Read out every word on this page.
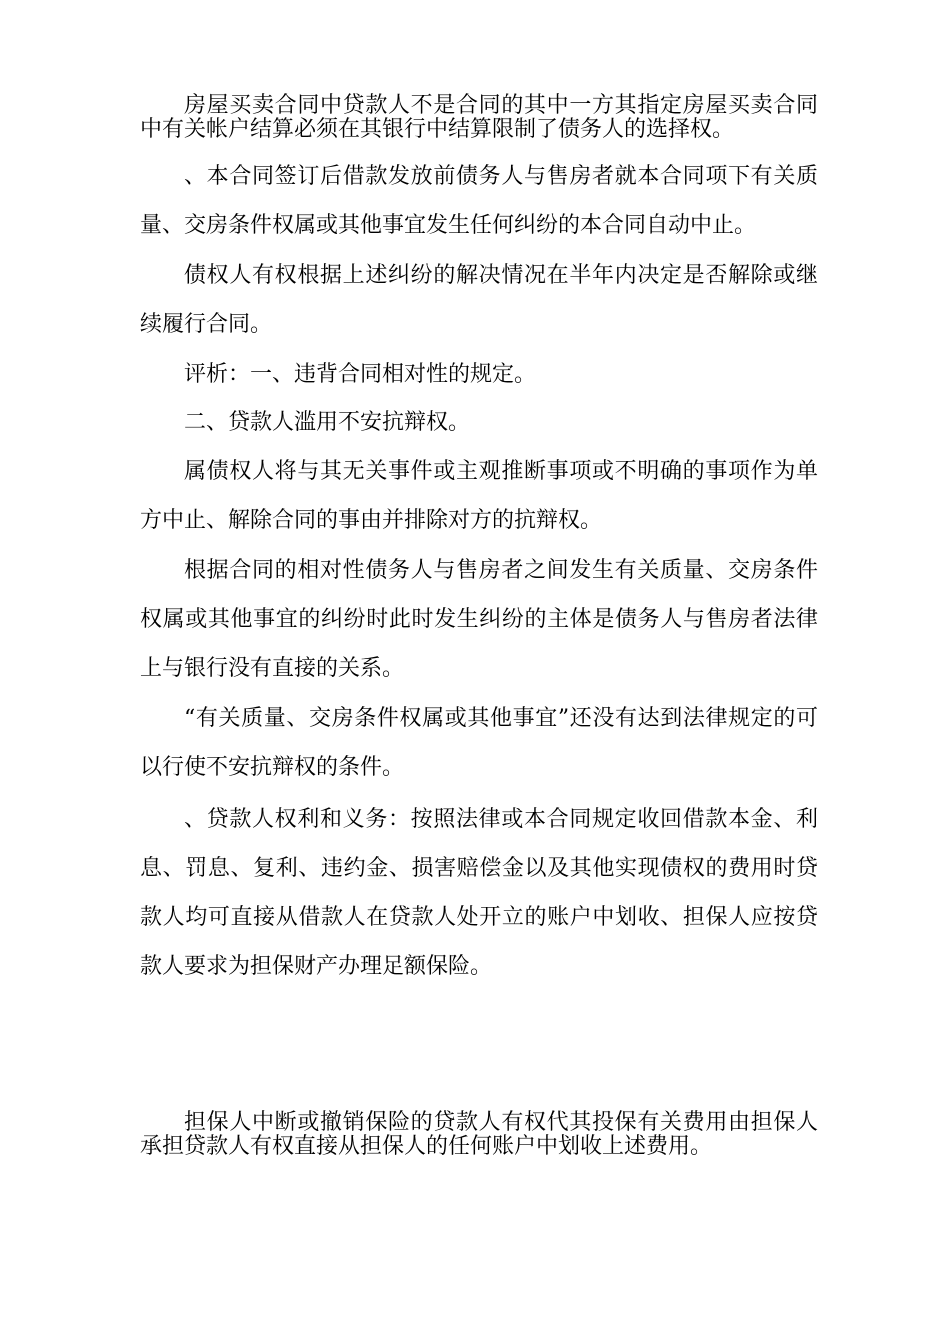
房屋买卖合同中贷款人不是合同的其中一方其指定房屋买卖合同中有关帐户结算必须在其银行中结算限制了债务人的选择权。

、本合同签订后借款发放前债务人与售房者就本合同项下有关质量、交房条件权属或其他事宜发生任何纠纷的本合同自动中止。

债权人有权根据上述纠纷的解决情况在半年内决定是否解除或继续履行合同。

评析：一、违背合同相对性的规定。

二、贷款人滥用不安抗辩权。

属债权人将与其无关事件或主观推断事项或不明确的事项作为单方中止、解除合同的事由并排除对方的抗辩权。

根据合同的相对性债务人与售房者之间发生有关质量、交房条件权属或其他事宜的纠纷时此时发生纠纷的主体是债务人与售房者法律上与银行没有直接的关系。

“有关质量、交房条件权属或其他事宜”还没有达到法律规定的可以行使不安抗辩权的条件。

、贷款人权利和义务：按照法律或本合同规定收回借款本金、利息、罚息、复利、违约金、损害赔偿金以及其他实现债权的费用时贷款人均可直接从借款人在贷款人处开立的账户中划收、担保人应按贷款人要求为担保财产办理足额保险。

担保人中断或撤销保险的贷款人有权代其投保有关费用由担保人承担贷款人有权直接从担保人的任何账户中划收上述费用。
